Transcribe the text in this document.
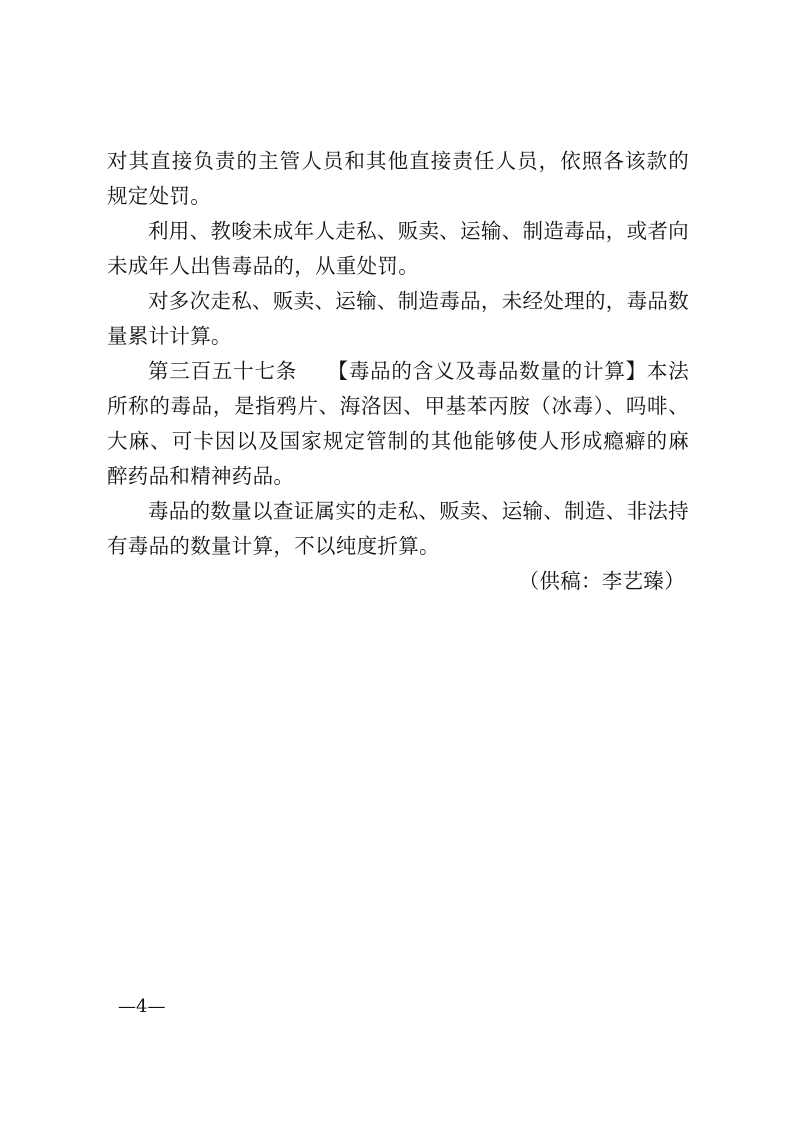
对其直接负责的主管人员和其他直接责任人员，依照各该款的规定处罚。

利用、教唆未成年人走私、贩卖、运输、制造毒品，或者向未成年人出售毒品的，从重处罚。

对多次走私、贩卖、运输、制造毒品，未经处理的，毒品数量累计计算。

第三百五十七条 【毒品的含义及毒品数量的计算】本法所称的毒品，是指鸦片、海洛因、甲基苯丙胺（冰毒）、吗啡、大麻、可卡因以及国家规定管制的其他能够使人形成瘾癖的麻醉药品和精神药品。

毒品的数量以查证属实的走私、贩卖、运输、制造、非法持有毒品的数量计算，不以纯度折算。

（供稿：李艺臻）

—4—
